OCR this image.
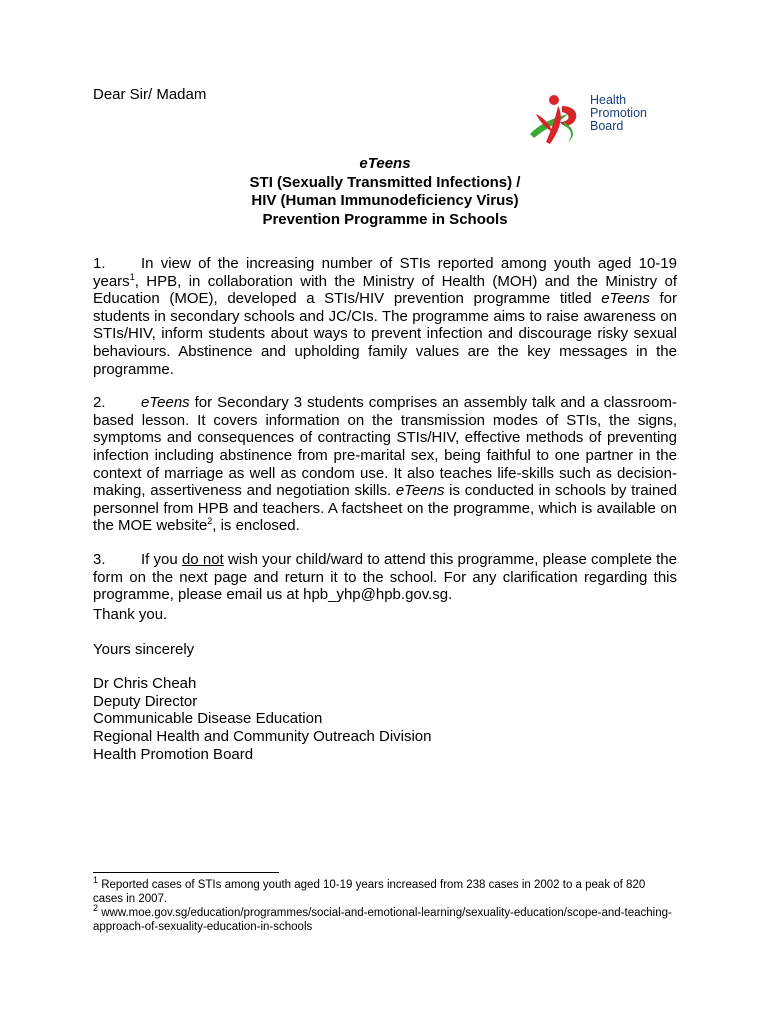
Dear Sir/ Madam	Health
Promotion
Board
eTeens
STI (Sexually Transmitted Infections) /
HIV (Human Immunodeficiency Virus)
Prevention Programme in Schools

1. In view of the increasing number of STIs reported among youth aged 10-19 years$^1$, HPB, in collaboration with the Ministry of Health (MOH) and the Ministry of Education (MOE), developed a STIs/HIV prevention programme titled eTeens for students in secondary schools and JC/CIs. The programme aims to raise awareness on STIs/HIV, inform students about ways to prevent infection and discourage risky sexual behaviours. Abstinence and upholding family values are the key messages in the programme.

2. eTeens for Secondary 3 students comprises an assembly talk and a classroom-based lesson. It covers information on the transmission modes of STIs, the signs, symptoms and consequences of contracting STIs/HIV, effective methods of preventing infection including abstinence from pre-marital sex, being faithful to one partner in the context of marriage as well as condom use. It also teaches life-skills such as decision-making, assertiveness and negotiation skills. eTeens is conducted in schools by trained personnel from HPB and teachers. A factsheet on the programme, which is available on the MOE website$^2$, is enclosed.

3. If you do not wish your child/ward to attend this programme, please complete the form on the next page and return it to the school. For any clarification regarding this programme, please email us at hpb_yhp@hpb.gov.sg.

Thank you.

Yours sincerely

Dr Chris Cheah

Deputy Director

Communicable Disease Education

Regional Health and Community Outreach Division

Health Promotion Board

$^1$ Reported cases of STIs among youth aged 10-19 years increased from 238 cases in 2002 to a peak of 820 cases in 2007.

$^2$ www.moe.gov.sg/education/programmes/social-and-emotional-learning/sexuality-education/scope-and-teaching-approach-of-sexuality-education-in-schools
